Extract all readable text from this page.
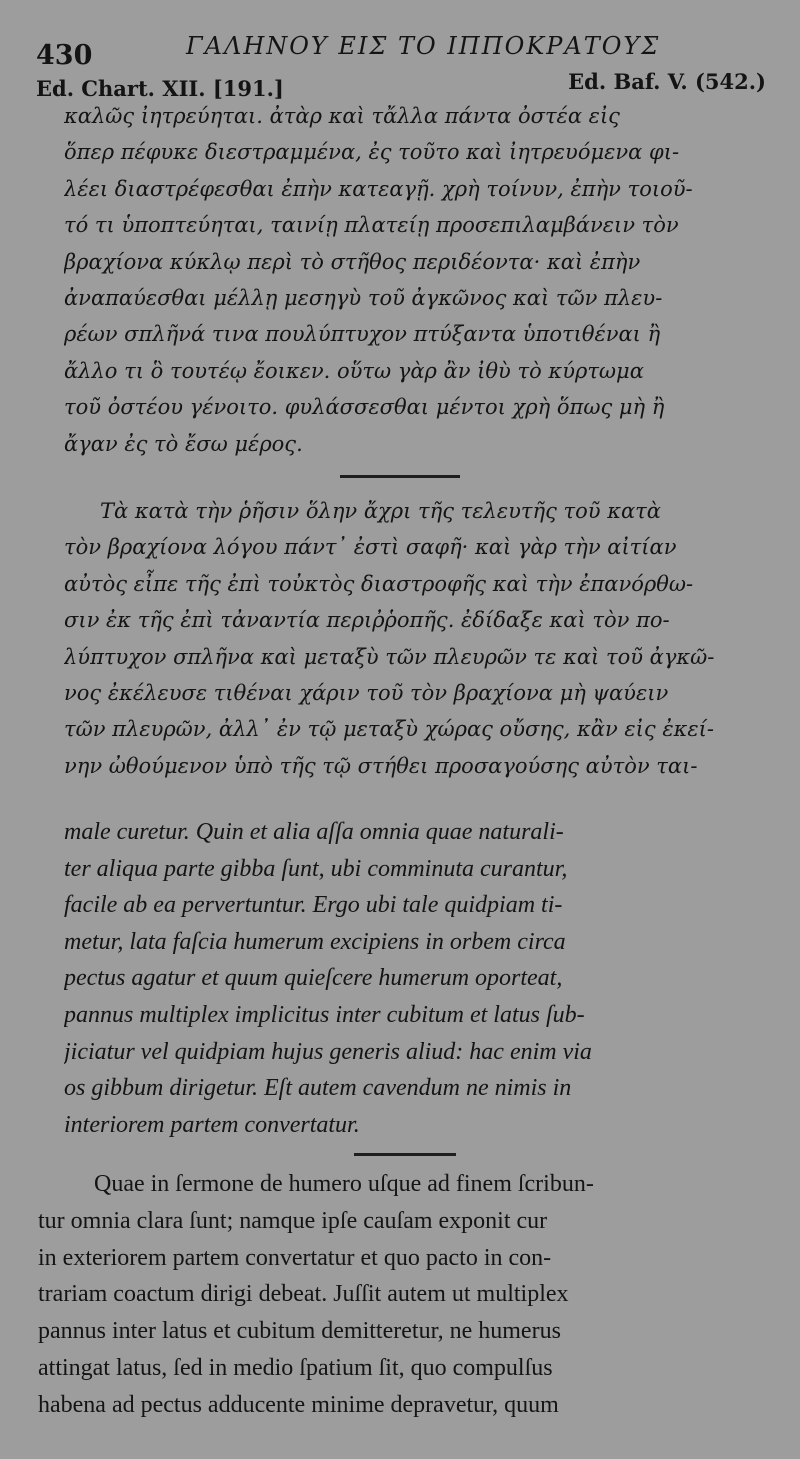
430	ΓΑΛΗΝΟΥ ΕΙΣ ΤΟ ΙΠΠΟΚΡΑΤΟΥΣ
Ed. Chart. XII. [191.]	Ed. Baf. V. (542.)
καλῶς ἰητρεύηται. ἀτὰρ καὶ τἄλλα πάντα ὀστέα εἰς
ὅπερ πέφυκε διεστραμμένα, ἐς τοῦτο καὶ ἰητρευόμενα φι-
λέει διαστρέφεσθαι ἐπὴν κατεαγῇ. χρὴ τοίνυν, ἐπὴν τοιοῦ-
τό τι ὑποπτεύηται, ταινίῃ πλατείῃ προσεπιλαμβάνειν τὸν
βραχίονα κύκλῳ περὶ τὸ στῆθος περιδέοντα· καὶ ἐπὴν
ἀναπαύεσθαι μέλλῃ μεσηγὺ τοῦ ἀγκῶνος καὶ τῶν πλευ-
ρέων σπλῆνά τινα πουλύπτυχον πτύξαντα ὑποτιθέναι ἢ
ἄλλο τι ὃ τουτέῳ ἔοικεν. οὕτω γὰρ ἂν ἰθὺ τὸ κύρτωμα
τοῦ ὀστέου γένοιτο. φυλάσσεσθαι μέντοι χρὴ ὅπως μὴ ἢ
ἄγαν ἐς τὸ ἔσω μέρος.
Τὰ κατὰ τὴν ῥῆσιν ὅλην ἄχρι τῆς τελευτῆς τοῦ κατὰ
τὸν βραχίονα λόγου πάντ᾽ ἐστὶ σαφῆ· καὶ γὰρ τὴν αἰτίαν
αὐτὸς εἶπε τῆς ἐπὶ τοὐκτὸς διαστροφῆς καὶ τὴν ἐπανόρθω-
σιν ἐκ τῆς ἐπὶ τἀναντία περιῤῥοπῆς. ἐδίδαξε καὶ τὸν πο-
λύπτυχον σπλῆνα καὶ μεταξὺ τῶν πλευρῶν τε καὶ τοῦ ἀγκῶ-
νος ἐκέλευσε τιθέναι χάριν τοῦ τὸν βραχίονα μὴ ψαύειν
τῶν πλευρῶν, ἀλλ᾽ ἐν τῷ μεταξὺ χώρας οὔσης, κἂν εἰς ἐκεί-
νην ὠθούμενον ὑπὸ τῆς τῷ στήθει προσαγούσης αὐτὸν ται-
male curetur. Quin et alia aſſa omnia quae naturali-
ter aliqua parte gibba ſunt, ubi comminuta curantur,
facile ab ea pervertuntur. Ergo ubi tale quidpiam ti-
metur, lata faſcia humerum excipiens in orbem circa
pectus agatur et quum quieſcere humerum oporteat,
pannus multiplex implicitus inter cubitum et latus ſub-
jiciatur vel quidpiam hujus generis aliud: hac enim via
os gibbum dirigetur. Eſt autem cavendum ne nimis in
interiorem partem convertatur.
Quae in ſermone de humero uſque ad finem ſcribun-
tur omnia clara ſunt; namque ipſe cauſam exponit cur
in exteriorem partem convertatur et quo pacto in con-
trariam coactum dirigi debeat. Juſſit autem ut multiplex
pannus inter latus et cubitum demitteretur, ne humerus
attingat latus, ſed in medio ſpatium ſit, quo compulſus
habena ad pectus adducente minime depravetur, quum
